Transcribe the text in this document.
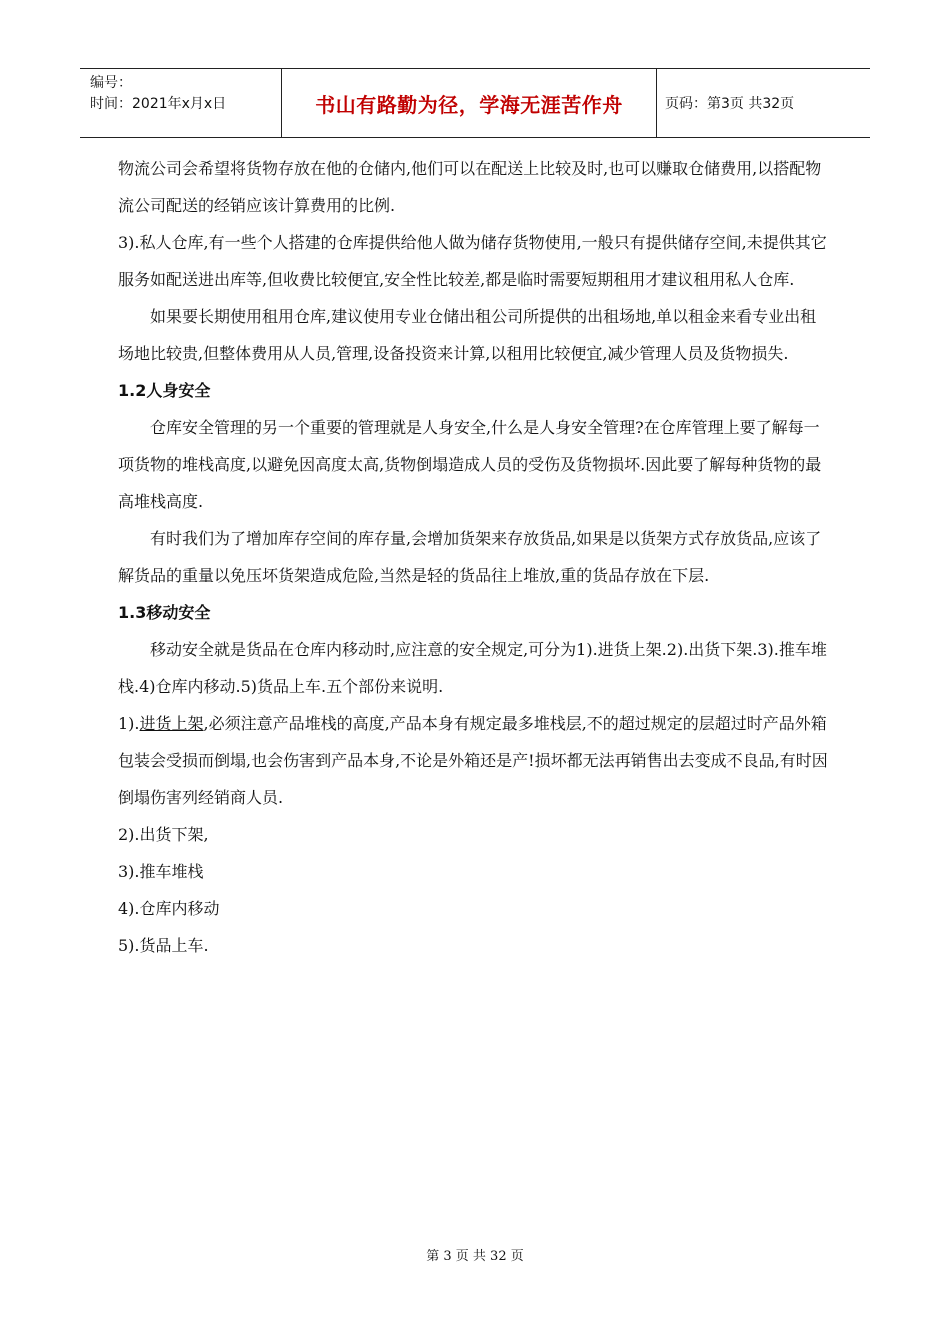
编号：
时间：2021年x月x日	书山有路勤为径，学海无涯苦作舟	页码：第3页 共32页

物流公司会希望将货物存放在他的仓储内,他们可以在配送上比较及时,也可以赚取仓储费用,以搭配物流公司配送的经销应该计算费用的比例.

3).私人仓库,有一些个人搭建的仓库提供给他人做为储存货物使用,一般只有提供储存空间,未提供其它服务如配送进出库等,但收费比较便宜,安全性比较差,都是临时需要短期租用才建议租用私人仓库.

如果要长期使用租用仓库,建议使用专业仓储出租公司所提供的出租场地,单以租金来看专业出租场地比较贵,但整体费用从人员,管理,设备投资来计算,以租用比较便宜,减少管理人员及货物损失.

1.2人身安全

仓库安全管理的另一个重要的管理就是人身安全,什么是人身安全管理?在仓库管理上要了解每一项货物的堆栈高度,以避免因高度太高,货物倒塌造成人员的受伤及货物损坏.因此要了解每种货物的最高堆栈高度.

有时我们为了增加库存空间的库存量,会增加货架来存放货品,如果是以货架方式存放货品,应该了解货品的重量以免压坏货架造成危险,当然是轻的货品往上堆放,重的货品存放在下层.

1.3移动安全

移动安全就是货品在仓库内移动时,应注意的安全规定,可分为1).进货上架.2).出货下架.3).推车堆栈.4)仓库内移动.5)货品上车.五个部份来说明.

1).进货上架,必须注意产品堆栈的高度,产品本身有规定最多堆栈层,不的超过规定的层超过时产品外箱包装会受损而倒塌,也会伤害到产品本身,不论是外箱还是产!损坏都无法再销售出去变成不良品,有时因倒塌伤害列经销商人员.

2).出货下架,

3).推车堆栈

4).仓库内移动

5).货品上车.

第 3 页 共 32 页
